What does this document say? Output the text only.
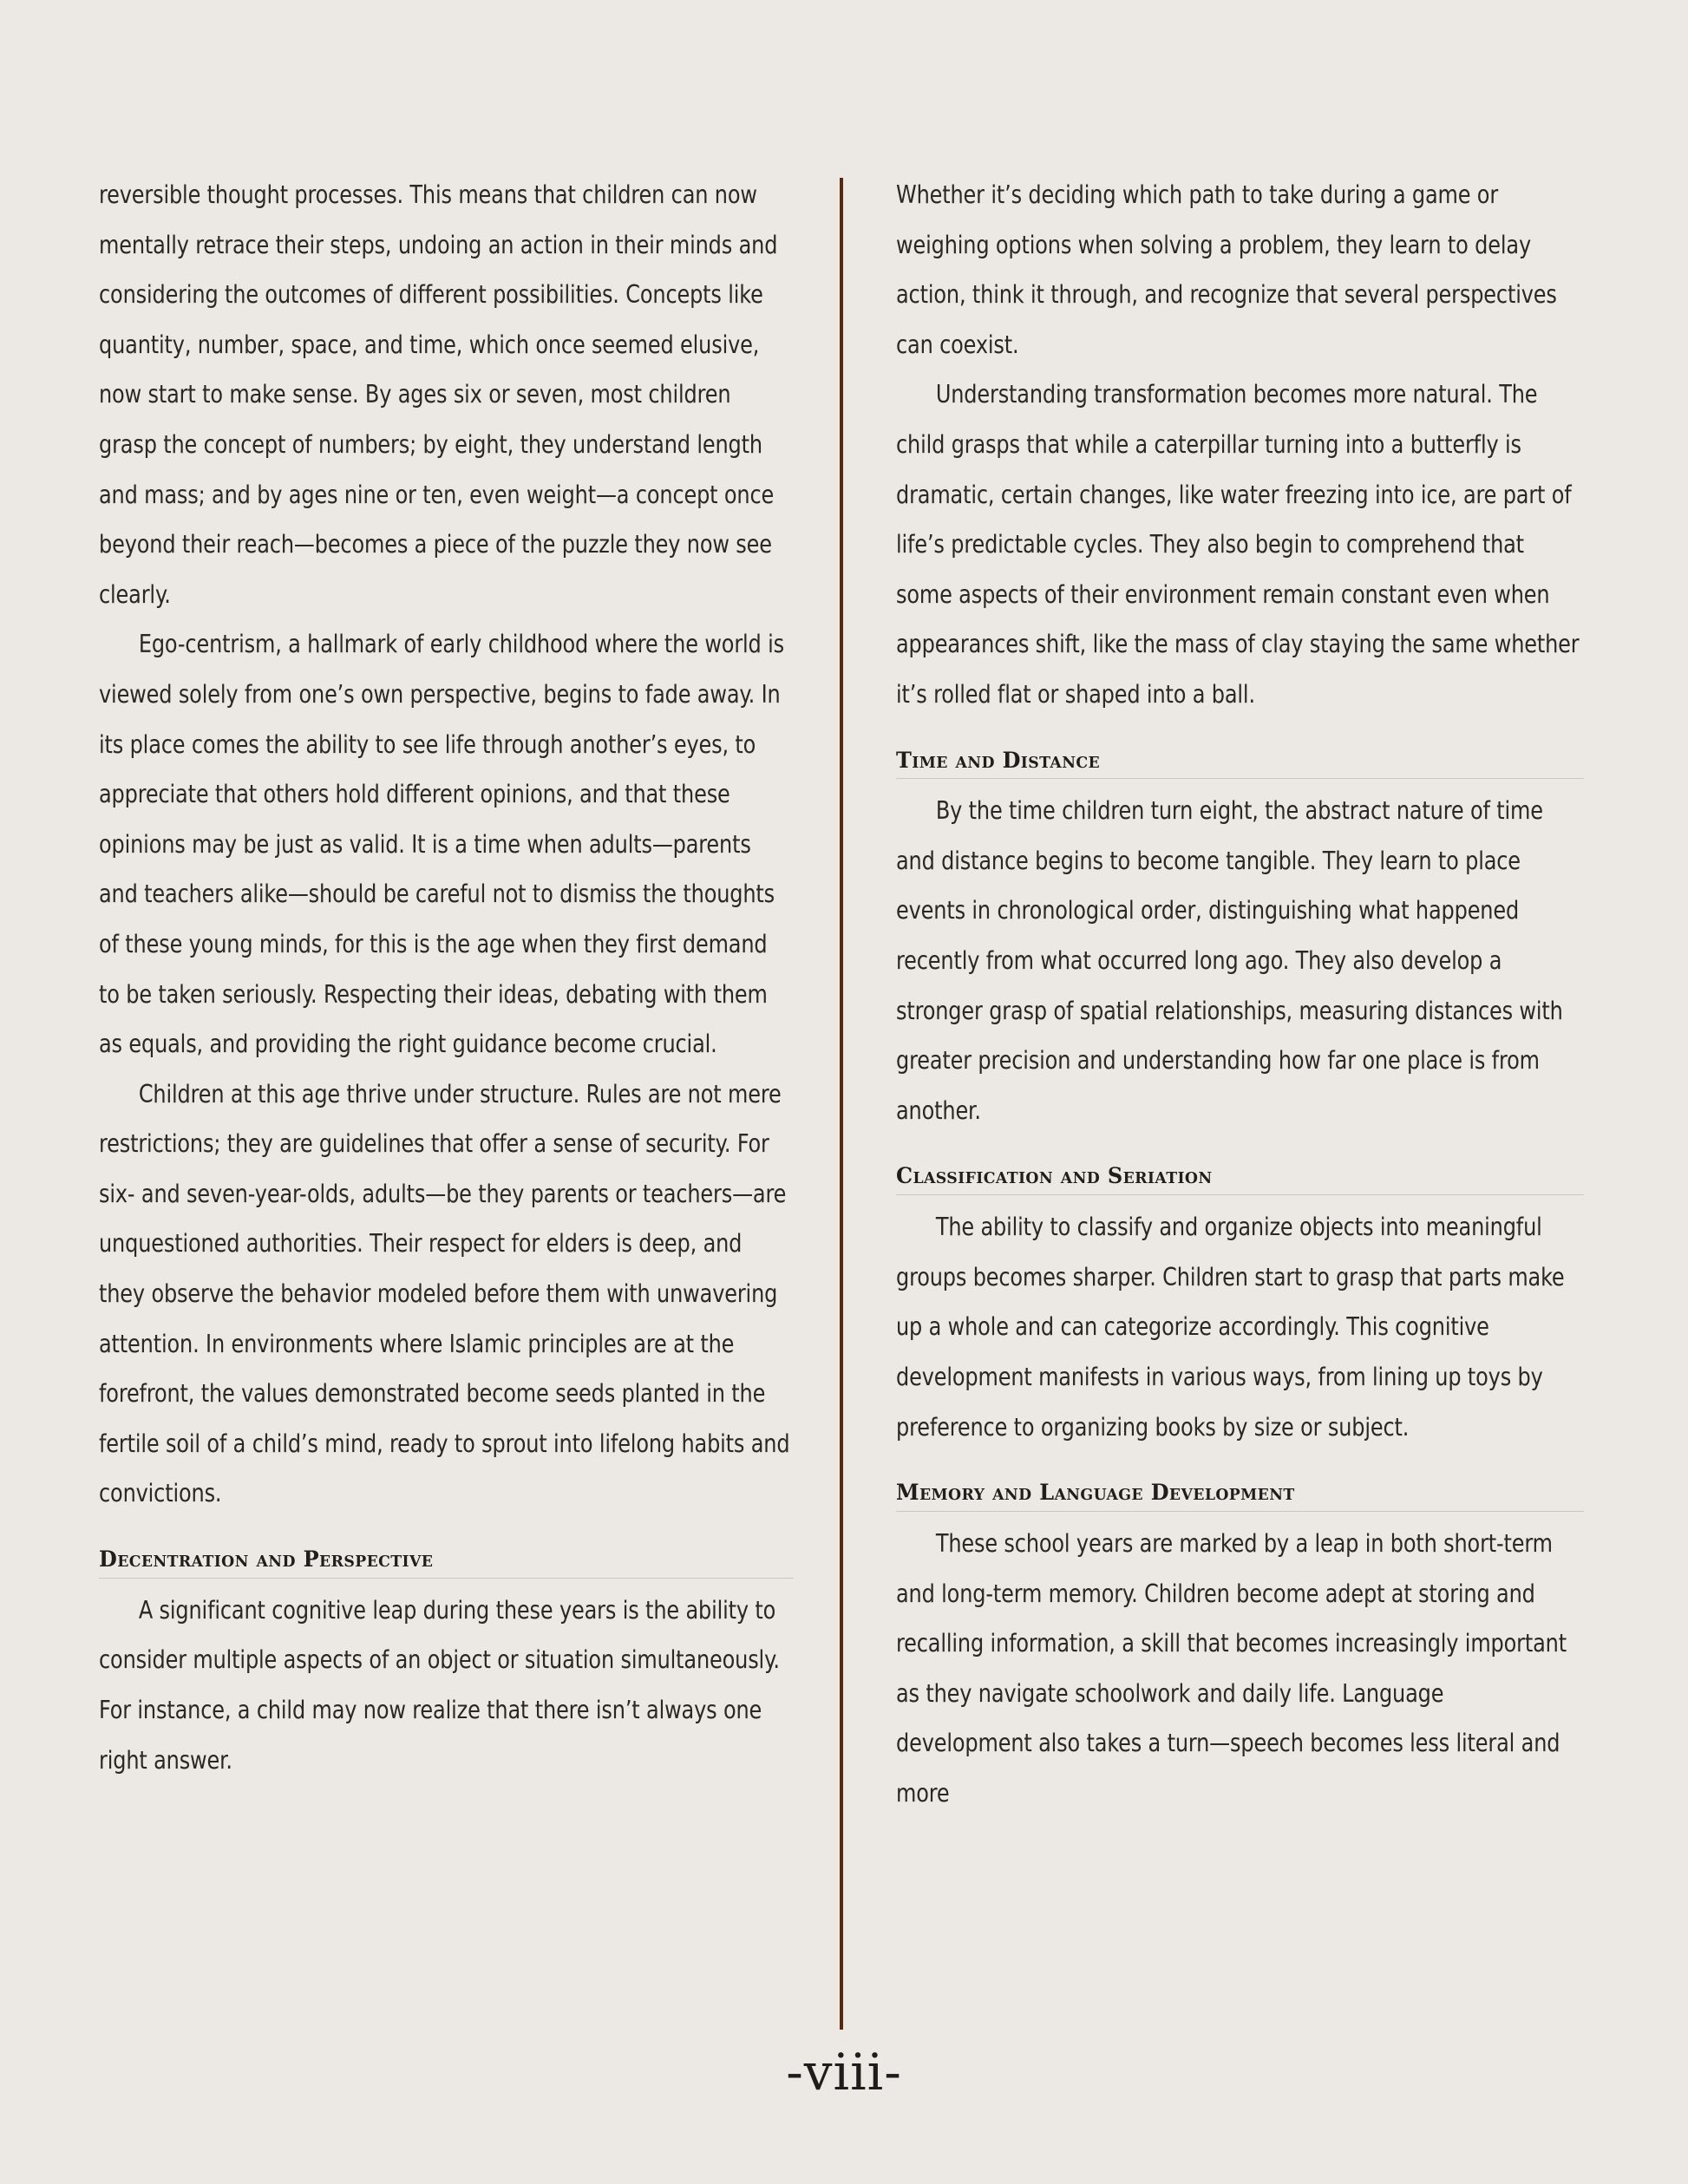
reversible thought processes. This means that children can now mentally retrace their steps, undoing an action in their minds and considering the outcomes of different possibilities. Concepts like quantity, number, space, and time, which once seemed elusive, now start to make sense. By ages six or seven, most children grasp the concept of numbers; by eight, they understand length and mass; and by ages nine or ten, even weight—a concept once beyond their reach—becomes a piece of the puzzle they now see clearly.

Ego-centrism, a hallmark of early childhood where the world is viewed solely from one’s own perspective, begins to fade away. In its place comes the ability to see life through another’s eyes, to appreciate that others hold different opinions, and that these opinions may be just as valid. It is a time when adults—parents and teachers alike—should be careful not to dismiss the thoughts of these young minds, for this is the age when they first demand to be taken seriously. Respecting their ideas, debating with them as equals, and providing the right guidance become crucial.

Children at this age thrive under structure. Rules are not mere restrictions; they are guidelines that offer a sense of security. For six- and seven-year-olds, adults—be they parents or teachers—are unquestioned authorities. Their respect for elders is deep, and they observe the behavior modeled before them with unwavering attention. In environments where Islamic principles are at the forefront, the values demonstrated become seeds planted in the fertile soil of a child’s mind, ready to sprout into lifelong habits and convictions.

Decentration and Perspective

A significant cognitive leap during these years is the ability to consider multiple aspects of an object or situation simultaneously. For instance, a child may now realize that there isn’t always one right answer.

Whether it’s deciding which path to take during a game or weighing options when solving a problem, they learn to delay action, think it through, and recognize that several perspectives can coexist.

Understanding transformation becomes more natural. The child grasps that while a caterpillar turning into a butterfly is dramatic, certain changes, like water freezing into ice, are part of life’s predictable cycles. They also begin to comprehend that some aspects of their environment remain constant even when appearances shift, like the mass of clay staying the same whether it’s rolled flat or shaped into a ball.

Time and Distance

By the time children turn eight, the abstract nature of time and distance begins to become tangible. They learn to place events in chronological order, distinguishing what happened recently from what occurred long ago. They also develop a stronger grasp of spatial relationships, measuring distances with greater precision and understanding how far one place is from another.

Classification and Seriation

The ability to classify and organize objects into meaningful groups becomes sharper. Children start to grasp that parts make up a whole and can categorize accordingly. This cognitive development manifests in various ways, from lining up toys by preference to organizing books by size or subject.

Memory and Language Development

These school years are marked by a leap in both short-term and long-term memory. Children become adept at storing and recalling information, a skill that becomes increasingly important as they navigate schoolwork and daily life. Language development also takes a turn—speech becomes less literal and more

-viii-
